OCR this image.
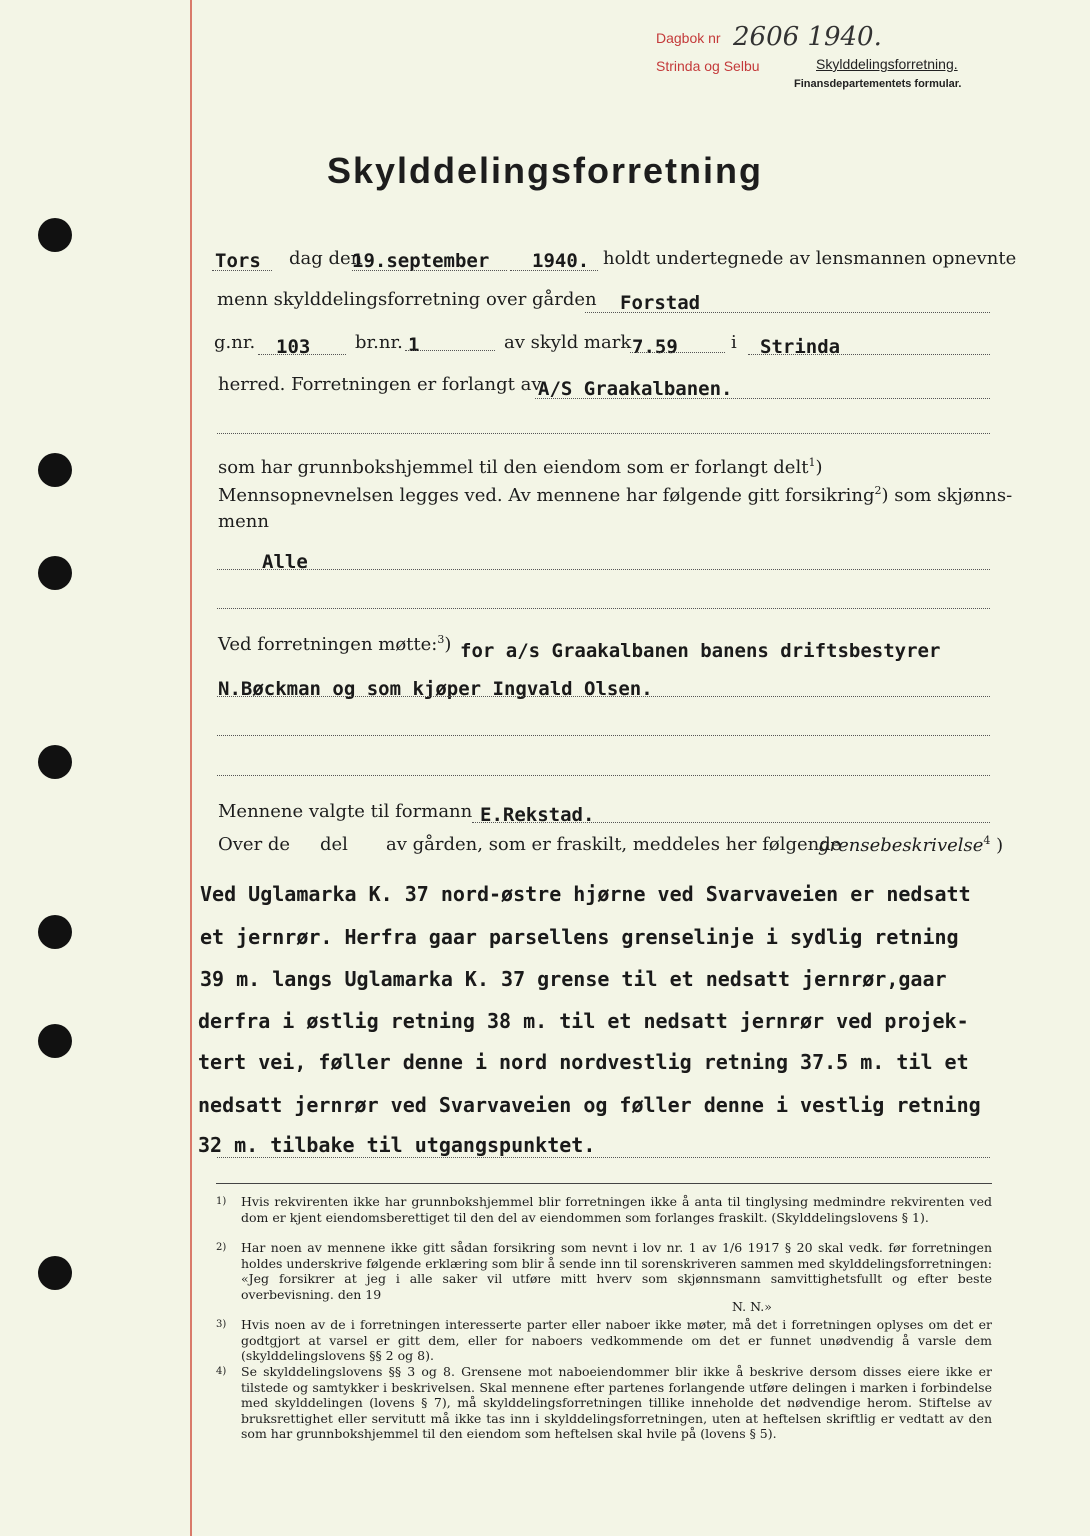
Dagbok nr 2606 1940.
Strinda og Selbu	Skylddelingsforretning.
Finansdepartementets formular.
Skylddelingsforretning
Tors dag den
19.september 1940. holdt undertegnede av lensmannen opnevnte
menn skylddelingsforretning over gården Forstad
g.nr. 103 br.nr. 1	av skyld mark 7.59	i Strinda
herred. Forretningen er forlangt av
A/S Graakalbanen.
som har grunnbokshjemmel til den eiendom som er forlangt delt$^1$)
Mennsopnevnelsen legges ved. Av mennene har følgende gitt forsikring$^2$) som skjønns-
menn
Alle
Ved forretningen møtte:$^3$) for a/s Graakalbanen banens driftsbestyrer
N.Bøckman og som kjøper Ingvald Olsen.
Mennene valgte til formann E.Rekstad.
Over de del av gården, som er fraskilt, meddeles her følgende
grensebeskrivelse$^4$ )
Ved Uglamarka K. 37 nord-østre hjørne ved Svarvaveien er nedsatt
et jernrør. Herfra gaar parsellens grenselinje i sydlig retning
39 m. langs Uglamarka K. 37 grense til et nedsatt jernrør,gaar
derfra i østlig retning 38 m. til et nedsatt jernrør ved projek-
tert vei, føller denne i nord nordvestlig retning 37.5 m. til et
nedsatt jernrør ved Svarvaveien og føller denne i vestlig retning
32 m. tilbake til utgangspunktet.
1) Hvis rekvirenten ikke har grunnbokshjemmel blir forretningen ikke å anta til tinglysing medmindre rekvirenten ved dom er kjent eiendomsberettiget til den del av eiendommen som forlanges fraskilt. (Skylddelingslovens § 1).
2) Har noen av mennene ikke gitt sådan forsikring som nevnt i lov nr. 1 av 1/6 1917 § 20 skal vedk. før forretningen holdes underskrive følgende erklæring som blir å sende inn til sorenskriveren sammen med skylddelingsforretningen: «Jeg forsikrer at jeg i alle saker vil utføre mitt hverv som skjønnsmann samvittighetsfullt og efter beste overbevisning. den 19
N. N.»
3) Hvis noen av de i forretningen interesserte parter eller naboer ikke møter, må det i forretningen oplyses om det er godtgjort at varsel er gitt dem, eller for naboers vedkommende om det er funnet unødvendig å varsle dem (skylddelingslovens §§ 2 og 8).
4) Se skylddelingslovens §§ 3 og 8. Grensene mot naboeiendommer blir ikke å beskrive dersom disses eiere ikke er tilstede og samtykker i beskrivelsen. Skal mennene efter partenes forlangende utføre delingen i marken i forbindelse med skylddelingen (lovens § 7), må skylddelingsforretningen tillike inneholde det nødvendige herom. Stiftelse av bruksrettighet eller servitutt må ikke tas inn i skylddelingsforretningen, uten at heftelsen skriftlig er vedtatt av den som har grunnbokshjemmel til den eiendom som heftelsen skal hvile på (lovens § 5).
